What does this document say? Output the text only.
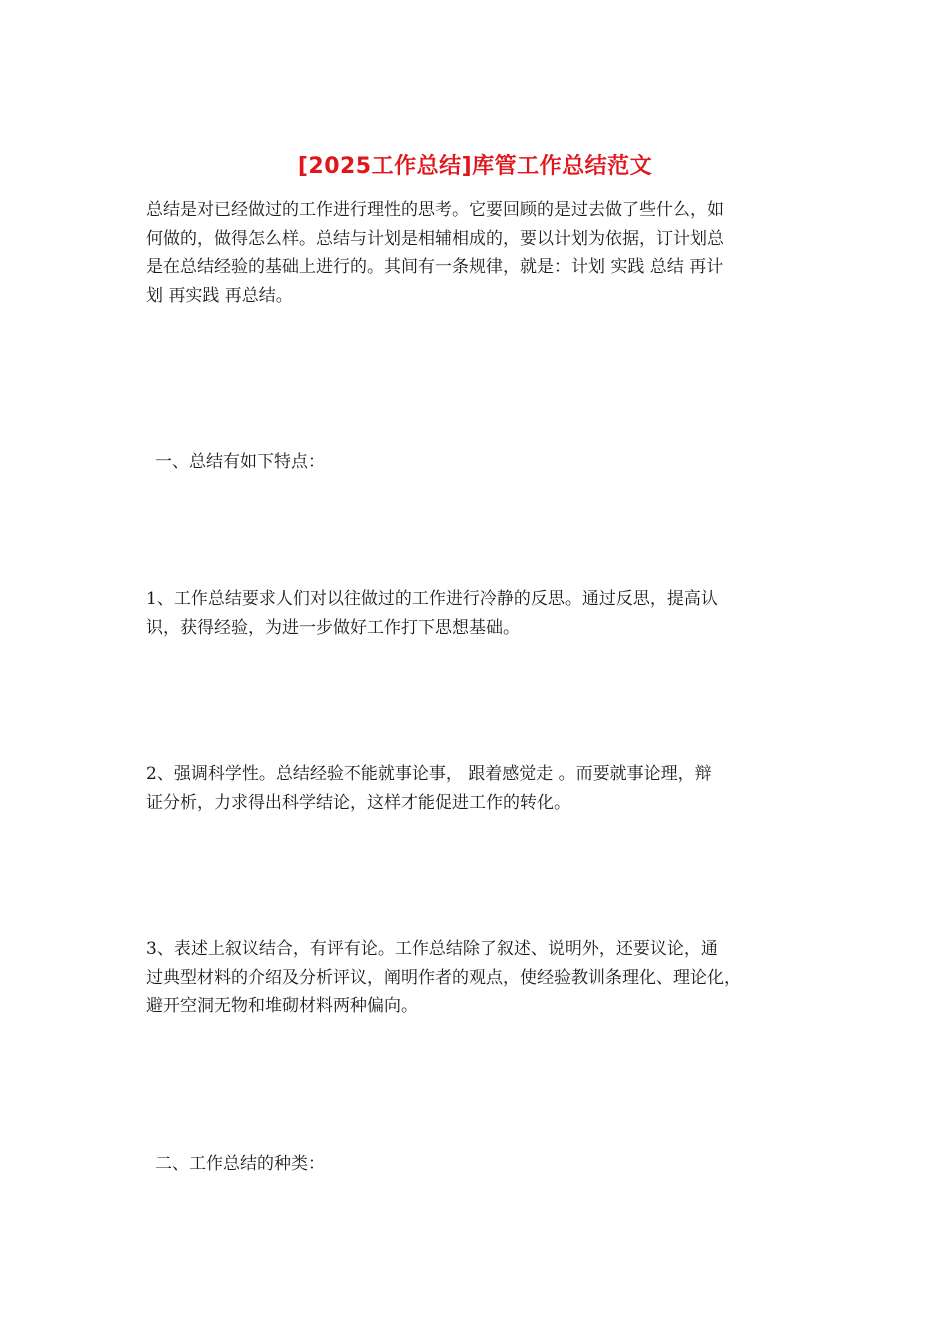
[2025工作总结]库管工作总结范文
总结是对已经做过的工作进行理性的思考。它要回顾的是过去做了些什么，如
何做的，做得怎么样。总结与计划是相辅相成的，要以计划为依据，订计划总
是在总结经验的基础上进行的。其间有一条规律，就是：计划 实践 总结 再计
划 再实践 再总结。
一、总结有如下特点：
1、工作总结要求人们对以往做过的工作进行冷静的反思。通过反思，提高认
识，获得经验，为进一步做好工作打下思想基础。
2、强调科学性。总结经验不能就事论事， 跟着感觉走 。而要就事论理，辩
证分析，力求得出科学结论，这样才能促进工作的转化。
3、表述上叙议结合，有评有论。工作总结除了叙述、说明外，还要议论，通
过典型材料的介绍及分析评议，阐明作者的观点，使经验教训条理化、理论化，
避开空洞无物和堆砌材料两种偏向。
二、工作总结的种类：
